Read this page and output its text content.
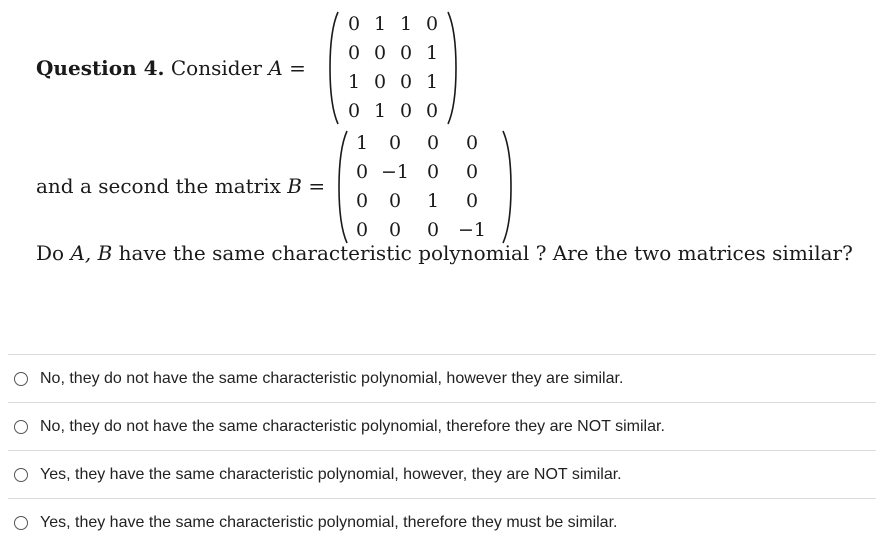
Question 4. Consider A =
0 1 1 0
0 0 0 1
1 0 0 1
0 1 0 0
and a second the matrix B =
1	0	0	0
0 −1 0	0
0	0	1	0
0	0	0 −1
Do A, B have the same characteristic polynomial ? Are the two matrices similar?
No, they do not have the same characteristic polynomial, however they are similar.
No, they do not have the same characteristic polynomial, therefore they are NOT similar.
Yes, they have the same characteristic polynomial, however, they are NOT similar.
Yes, they have the same characteristic polynomial, therefore they must be similar.
